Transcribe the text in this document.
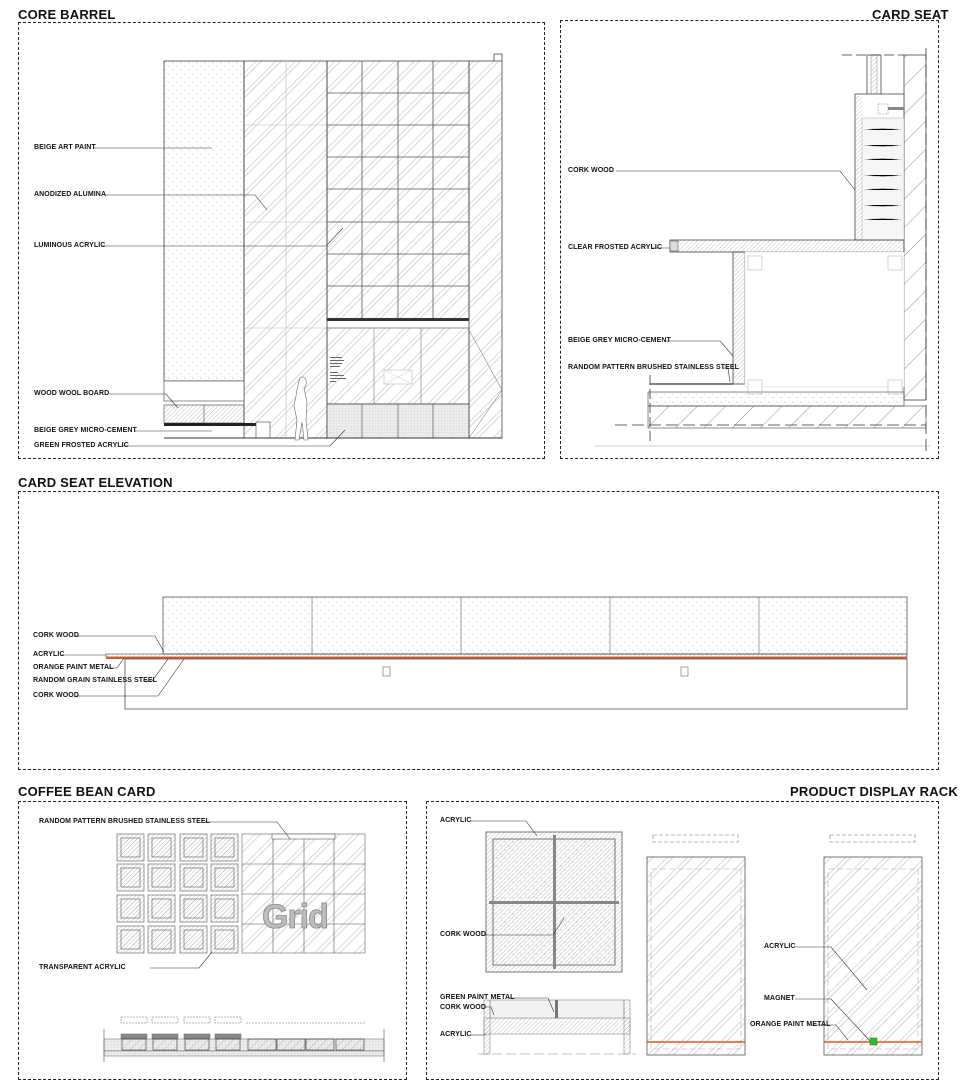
CORE BARREL
BEIGE ART PAINT
ANODIZED ALUMINA
LUMINOUS ACRYLIC
WOOD WOOL BOARD
BEIGE GREY MICRO-CEMENT
GREEN FROSTED ACRYLIC
CARD SEAT
CORK WOOD
CLEAR FROSTED ACRYLIC
BEIGE GREY MICRO-CEMENT
RANDOM PATTERN BRUSHED STAINLESS STEEL
CARD SEAT ELEVATION
CORK WOOD
ACRYLIC
ORANGE PAINT METAL
RANDOM GRAIN STAINLESS STEEL
CORK WOOD
COFFEE BEAN CARD
Grid
RANDOM PATTERN BRUSHED STAINLESS STEEL
TRANSPARENT ACRYLIC
PRODUCT DISPLAY RACK
ACRYLIC
CORK WOOD
GREEN PAINT METAL
CORK WOOD
ACRYLIC
ACRYLIC
MAGNET
ORANGE PAINT METAL
